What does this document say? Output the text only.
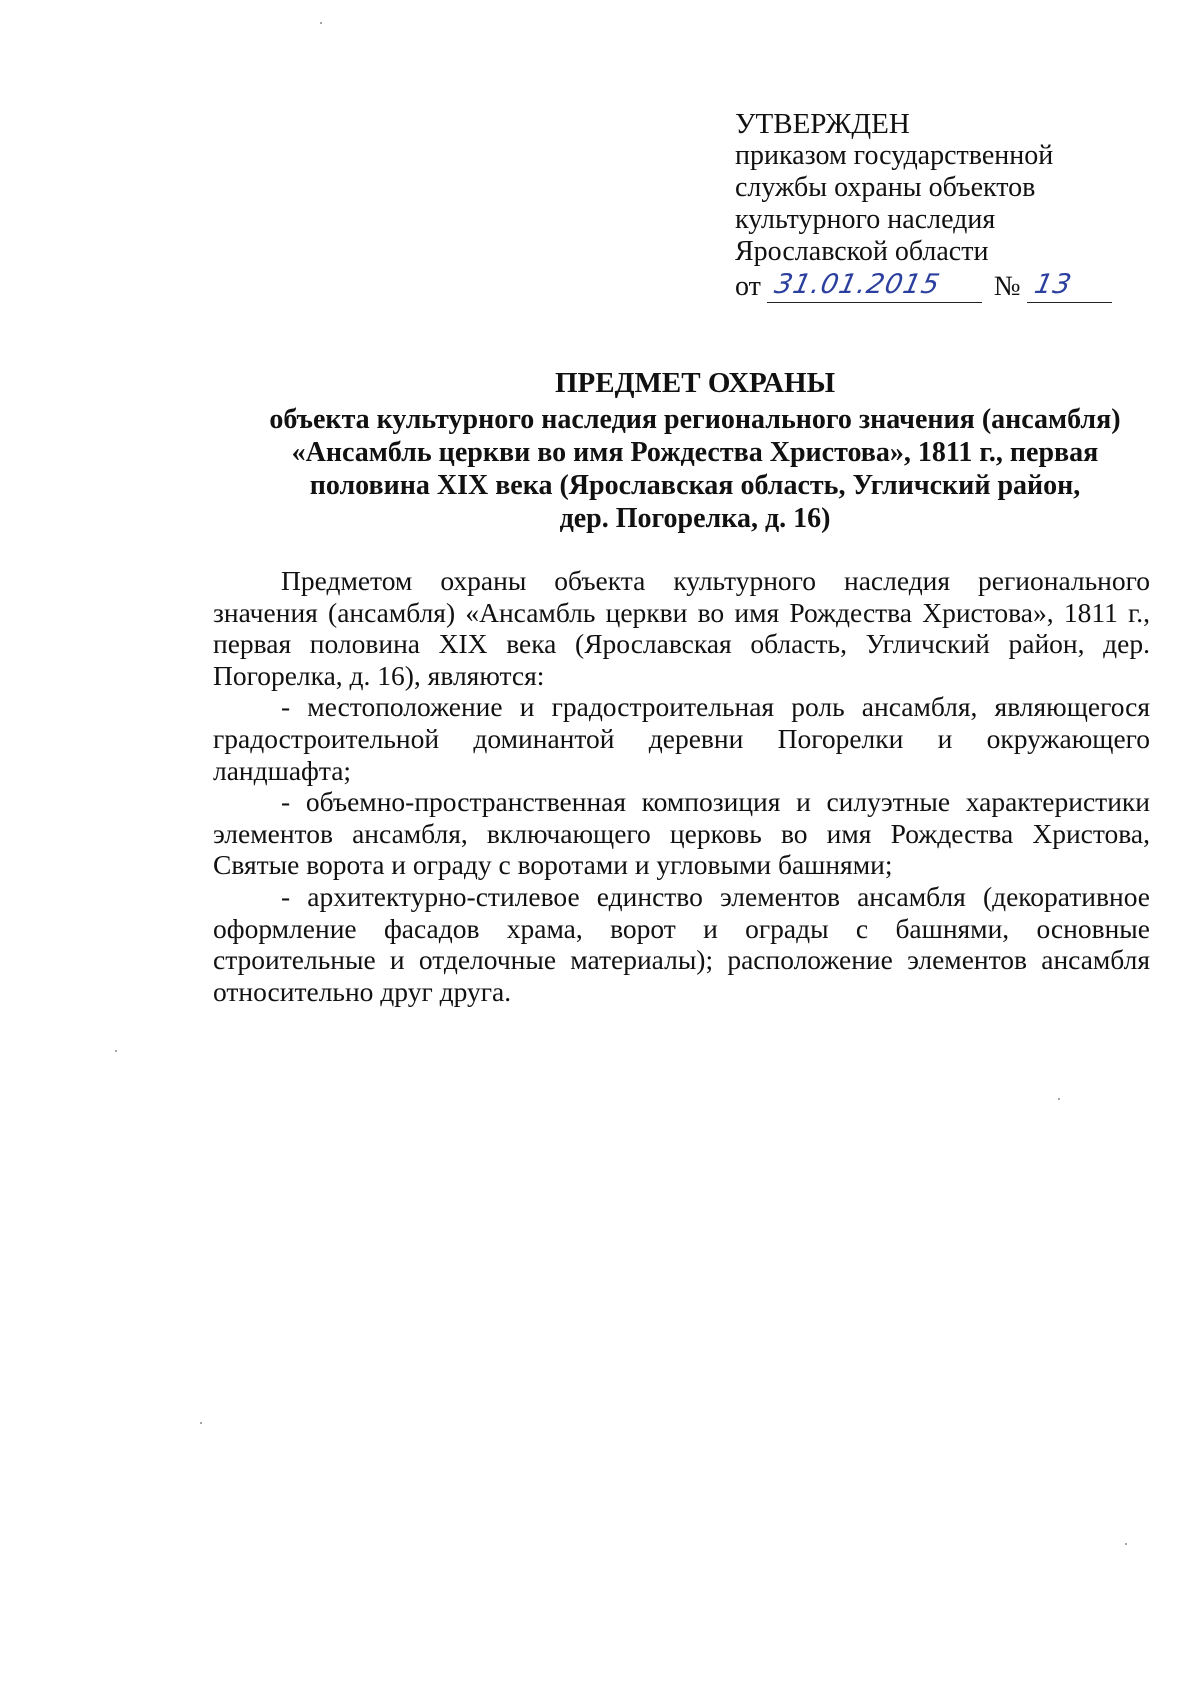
УТВЕРЖДЕН
приказом государственной
службы охраны объектов
культурного наследия
Ярославской области
от 31.01.2015 № 13
ПРЕДМЕТ ОХРАНЫ
объекта культурного наследия регионального значения (ансамбля)
«Ансамбль церкви во имя Рождества Христова», 1811 г., первая
половина XIX века (Ярославская область, Угличский район,
дер. Погорелка, д. 16)

Предметом охраны объекта культурного наследия регионального значения (ансамбля) «Ансамбль церкви во имя Рождества Христова», 1811 г., первая половина XIX века (Ярославская область, Угличский район, дер. Погорелка, д. 16), являются:

- местоположение и градостроительная роль ансамбля, являющегося градостроительной доминантой деревни Погорелки и окружающего ландшафта;

- объемно-пространственная композиция и силуэтные характеристики элементов ансамбля, включающего церковь во имя Рождества Христова, Святые ворота и ограду с воротами и угловыми башнями;

- архитектурно-стилевое единство элементов ансамбля (декоративное оформление фасадов храма, ворот и ограды с башнями, основные строительные и отделочные материалы); расположение элементов ансамбля относительно друг друга.
